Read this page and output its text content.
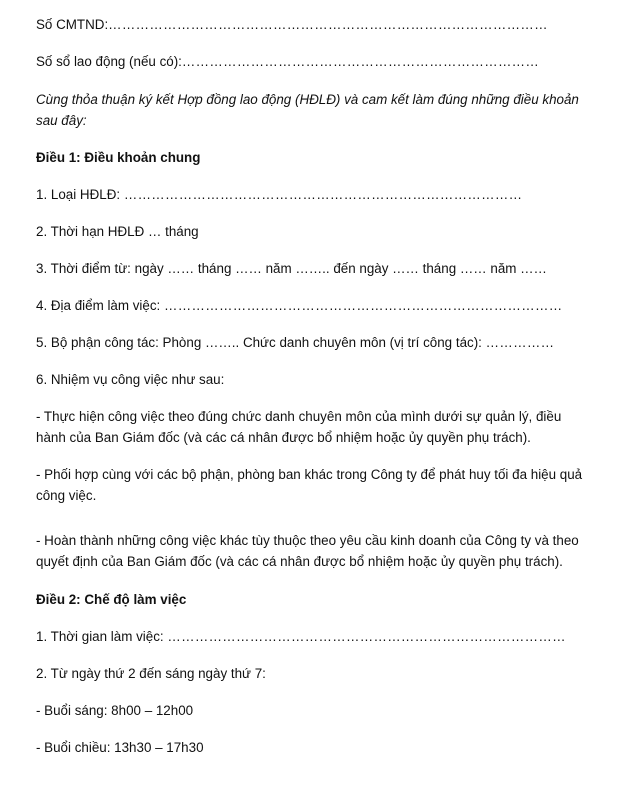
Số CMTND:……………………………………………………………………………………
Số sổ lao động (nếu có):……………………………………………………………………
Cùng thỏa thuận ký kết Hợp đồng lao động (HĐLĐ) và cam kết làm đúng những điều khoản sau đây:
Điều 1: Điều khoản chung
1. Loại HĐLĐ: ……………………………………………………………………………
2. Thời hạn HĐLĐ … tháng
3. Thời điểm từ: ngày …… tháng …… năm …….. đến ngày …… tháng …… năm ……
4. Địa điểm làm việc: ……………………………………………………………………………
5. Bộ phận công tác: Phòng …….. Chức danh chuyên môn (vị trí công tác): ……………
6. Nhiệm vụ công việc như sau:
- Thực hiện công việc theo đúng chức danh chuyên môn của mình dưới sự quản lý, điều hành của Ban Giám đốc (và các cá nhân được bổ nhiệm hoặc ủy quyền phụ trách).
- Phối hợp cùng với các bộ phận, phòng ban khác trong Công ty để phát huy tối đa hiệu quả công việc.
- Hoàn thành những công việc khác tùy thuộc theo yêu cầu kinh doanh của Công ty và theo quyết định của Ban Giám đốc (và các cá nhân được bổ nhiệm hoặc ủy quyền phụ trách).
Điều 2: Chế độ làm việc
1. Thời gian làm việc: ……………………………………………………………………………
2. Từ ngày thứ 2 đến sáng ngày thứ 7:
- Buổi sáng: 8h00 – 12h00
- Buổi chiều: 13h30 – 17h30
